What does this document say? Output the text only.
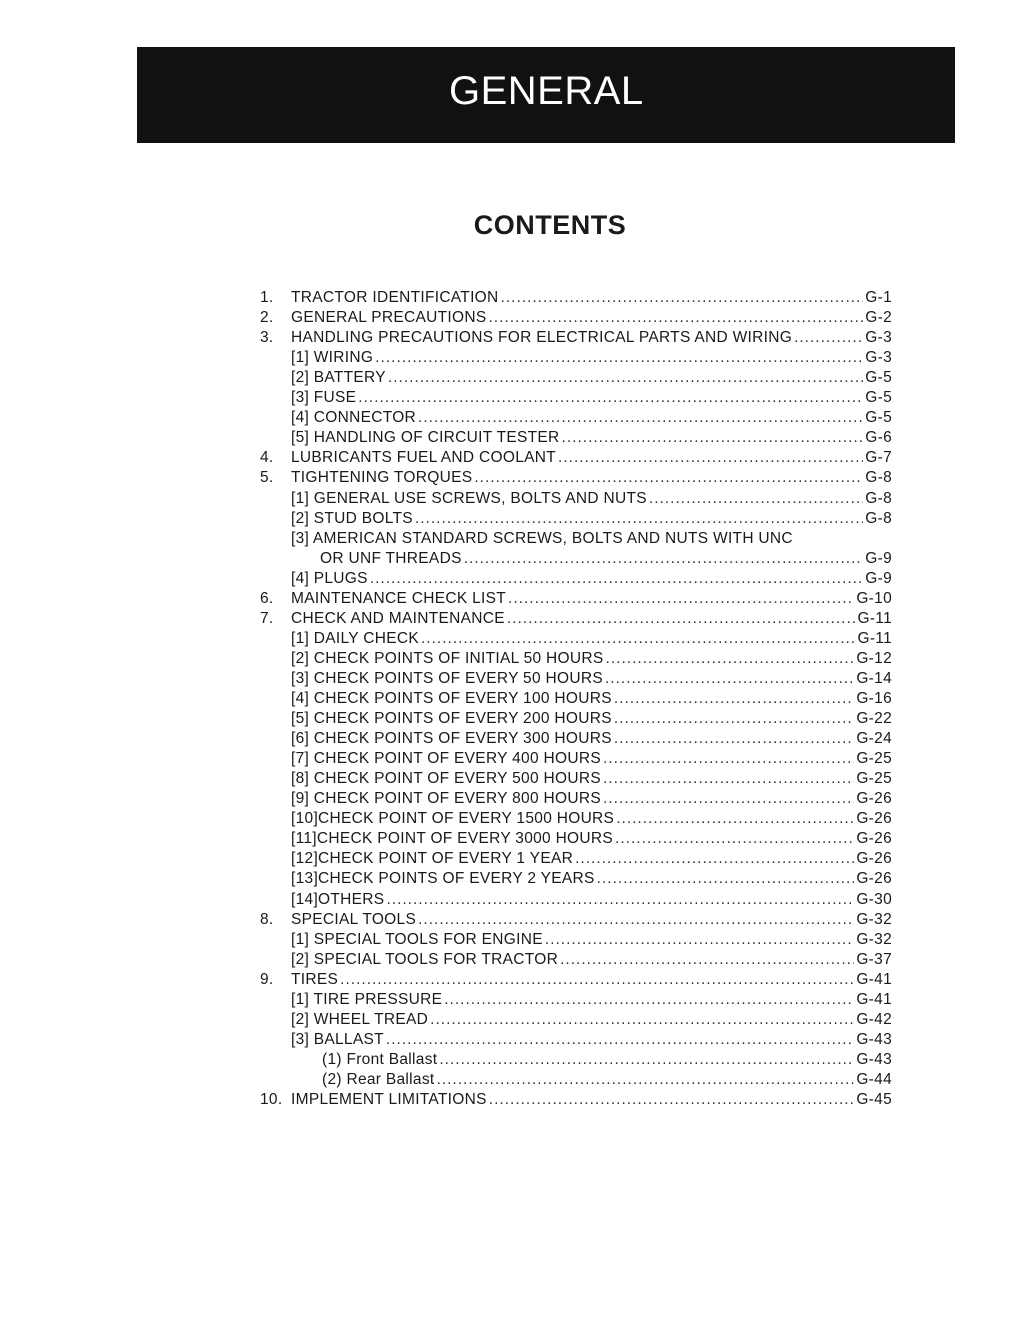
GENERAL
CONTENTS
1.	TRACTOR IDENTIFICATION .....	G-1
2.	GENERAL PRECAUTIONS .....	G-2
3.	HANDLING PRECAUTIONS FOR ELECTRICAL PARTS AND WIRING .....	G-3
[1] WIRING .....	G-3
[2] BATTERY .....	G-5
[3] FUSE .....	G-5
[4] CONNECTOR .....	G-5
[5] HANDLING OF CIRCUIT TESTER .....	G-6
4.	LUBRICANTS FUEL AND COOLANT .....	G-7
5.	TIGHTENING TORQUES .....	G-8
[1] GENERAL USE SCREWS, BOLTS AND NUTS .....	G-8
[2] STUD BOLTS .....	G-8
[3] AMERICAN STANDARD SCREWS, BOLTS AND NUTS WITH UNC
OR UNF THREADS .....	G-9
[4] PLUGS .....	G-9
6.	MAINTENANCE CHECK LIST .....	G-10
7.	CHECK AND MAINTENANCE .....	G-11
[1] DAILY CHECK .....	G-11
[2] CHECK POINTS OF INITIAL 50 HOURS .....	G-12
[3] CHECK POINTS OF EVERY 50 HOURS .....	G-14
[4] CHECK POINTS OF EVERY 100 HOURS .....	G-16
[5] CHECK POINTS OF EVERY 200 HOURS .....	G-22
[6] CHECK POINTS OF EVERY 300 HOURS .....	G-24
[7] CHECK POINT OF EVERY 400 HOURS .....	G-25
[8] CHECK POINT OF EVERY 500 HOURS .....	G-25
[9] CHECK POINT OF EVERY 800 HOURS .....	G-26
[10]CHECK POINT OF EVERY 1500 HOURS .....	G-26
[11]CHECK POINT OF EVERY 3000 HOURS .....	G-26
[12]CHECK POINT OF EVERY 1 YEAR .....	G-26
[13]CHECK POINTS OF EVERY 2 YEARS .....	G-26
[14]OTHERS .....	G-30
8.	SPECIAL TOOLS .....	G-32
[1] SPECIAL TOOLS FOR ENGINE .....	G-32
[2] SPECIAL TOOLS FOR TRACTOR .....	G-37
9.	TIRES .....	G-41
[1] TIRE PRESSURE .....	G-41
[2] WHEEL TREAD .....	G-42
[3] BALLAST .....	G-43
(1) Front Ballast .....	G-43
(2) Rear Ballast .....	G-44
10. IMPLEMENT LIMITATIONS .....	G-45
